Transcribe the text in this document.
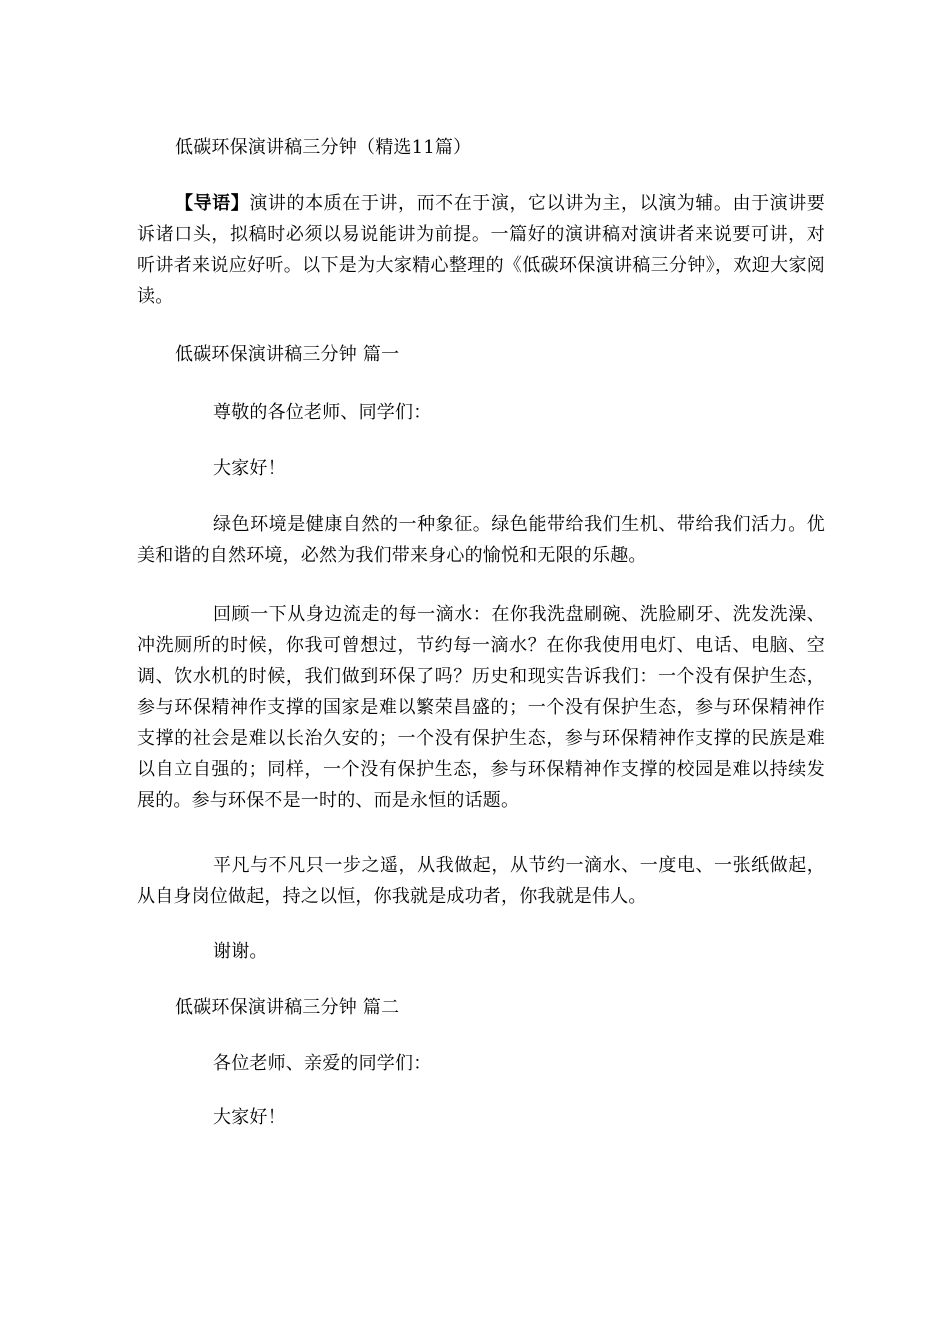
低碳环保演讲稿三分钟（精选11篇）
【导语】演讲的本质在于讲，而不在于演，它以讲为主，以演为辅。由于演讲要诉诸口头，拟稿时必须以易说能讲为前提。一篇好的演讲稿对演讲者来说要可讲，对听讲者来说应好听。以下是为大家精心整理的《低碳环保演讲稿三分钟》，欢迎大家阅读。
低碳环保演讲稿三分钟 篇一
尊敬的各位老师、同学们：
大家好！
绿色环境是健康自然的一种象征。绿色能带给我们生机、带给我们活力。优美和谐的自然环境，必然为我们带来身心的愉悦和无限的乐趣。
回顾一下从身边流走的每一滴水：在你我洗盘刷碗、洗脸刷牙、洗发洗澡、冲洗厕所的时候，你我可曾想过，节约每一滴水？在你我使用电灯、电话、电脑、空调、饮水机的时候，我们做到环保了吗？历史和现实告诉我们：一个没有保护生态，参与环保精神作支撑的国家是难以繁荣昌盛的；一个没有保护生态，参与环保精神作支撑的社会是难以长治久安的；一个没有保护生态，参与环保精神作支撑的民族是难以自立自强的；同样，一个没有保护生态，参与环保精神作支撑的校园是难以持续发展的。参与环保不是一时的、而是永恒的话题。
平凡与不凡只一步之遥，从我做起，从节约一滴水、一度电、一张纸做起，从自身岗位做起，持之以恒，你我就是成功者，你我就是伟人。
谢谢。
低碳环保演讲稿三分钟 篇二
各位老师、亲爱的同学们：
大家好！
